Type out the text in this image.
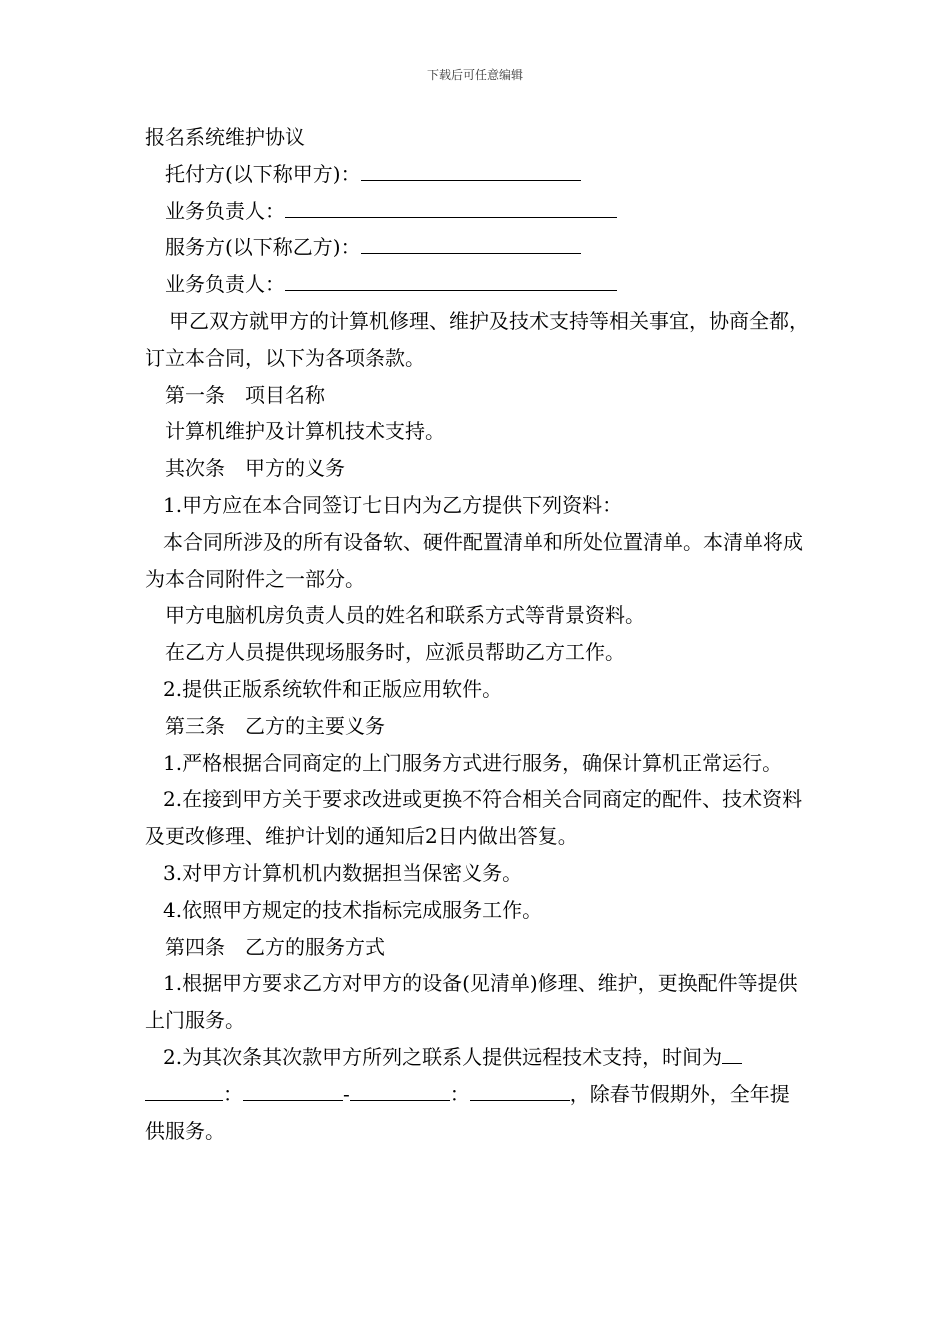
下载后可任意编辑

报名系统维护协议

托付方(以下称甲方)：

业务负责人：

服务方(以下称乙方)：

业务负责人：

甲乙双方就甲方的计算机修理、维护及技术支持等相关事宜，协商全都，订立本合同，以下为各项条款。

第一条　项目名称

计算机维护及计算机技术支持。

其次条　甲方的义务

1.甲方应在本合同签订七日内为乙方提供下列资料：

本合同所涉及的所有设备软、硬件配置清单和所处位置清单。本清单将成为本合同附件之一部分。

甲方电脑机房负责人员的姓名和联系方式等背景资料。

在乙方人员提供现场服务时，应派员帮助乙方工作。

2.提供正版系统软件和正版应用软件。

第三条　乙方的主要义务

1.严格根据合同商定的上门服务方式进行服务，确保计算机正常运行。

2.在接到甲方关于要求改进或更换不符合相关合同商定的配件、技术资料及更改修理、维护计划的通知后2日内做出答复。

3.对甲方计算机机内数据担当保密义务。

4.依照甲方规定的技术指标完成服务工作。

第四条　乙方的服务方式

1.根据甲方要求乙方对甲方的设备(见清单)修理、维护，更换配件等提供上门服务。

2.为其次条其次款甲方所列之联系人提供远程技术支持，时间为
：	-	：	，除春节假期外，全年提供服务。
